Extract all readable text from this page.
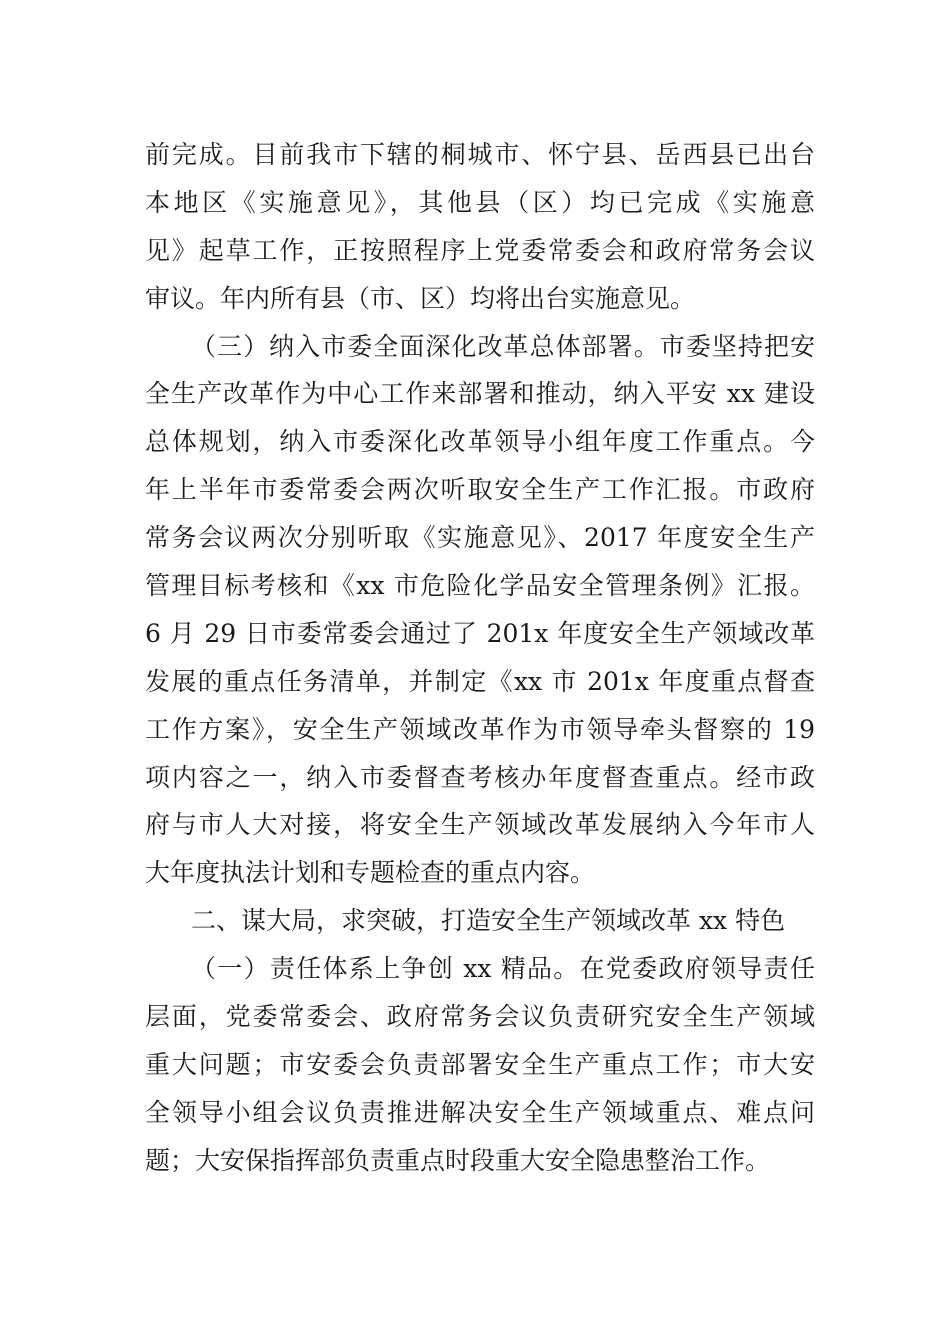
前完成。目前我市下辖的桐城市、怀宁县、岳西县已出台
本地区《实施意见》，其他县（区）均已完成《实施意
见》起草工作，正按照程序上党委常委会和政府常务会议
审议。年内所有县（市、区）均将出台实施意见。
（三）纳入市委全面深化改革总体部署。市委坚持把安
全生产改革作为中心工作来部署和推动，纳入平安 xx 建设
总体规划，纳入市委深化改革领导小组年度工作重点。今
年上半年市委常委会两次听取安全生产工作汇报。市政府
常务会议两次分别听取《实施意见》、2017 年度安全生产
管理目标考核和《xx 市危险化学品安全管理条例》汇报。
6 月 29 日市委常委会通过了 201x 年度安全生产领域改革
发展的重点任务清单，并制定《xx 市 201x 年度重点督查
工作方案》，安全生产领域改革作为市领导牵头督察的 19
项内容之一，纳入市委督查考核办年度督查重点。经市政
府与市人大对接，将安全生产领域改革发展纳入今年市人
大年度执法计划和专题检查的重点内容。
二、谋大局，求突破，打造安全生产领域改革 xx 特色
（一）责任体系上争创 xx 精品。在党委政府领导责任
层面，党委常委会、政府常务会议负责研究安全生产领域
重大问题；市安委会负责部署安全生产重点工作；市大安
全领导小组会议负责推进解决安全生产领域重点、难点问
题；大安保指挥部负责重点时段重大安全隐患整治工作。
